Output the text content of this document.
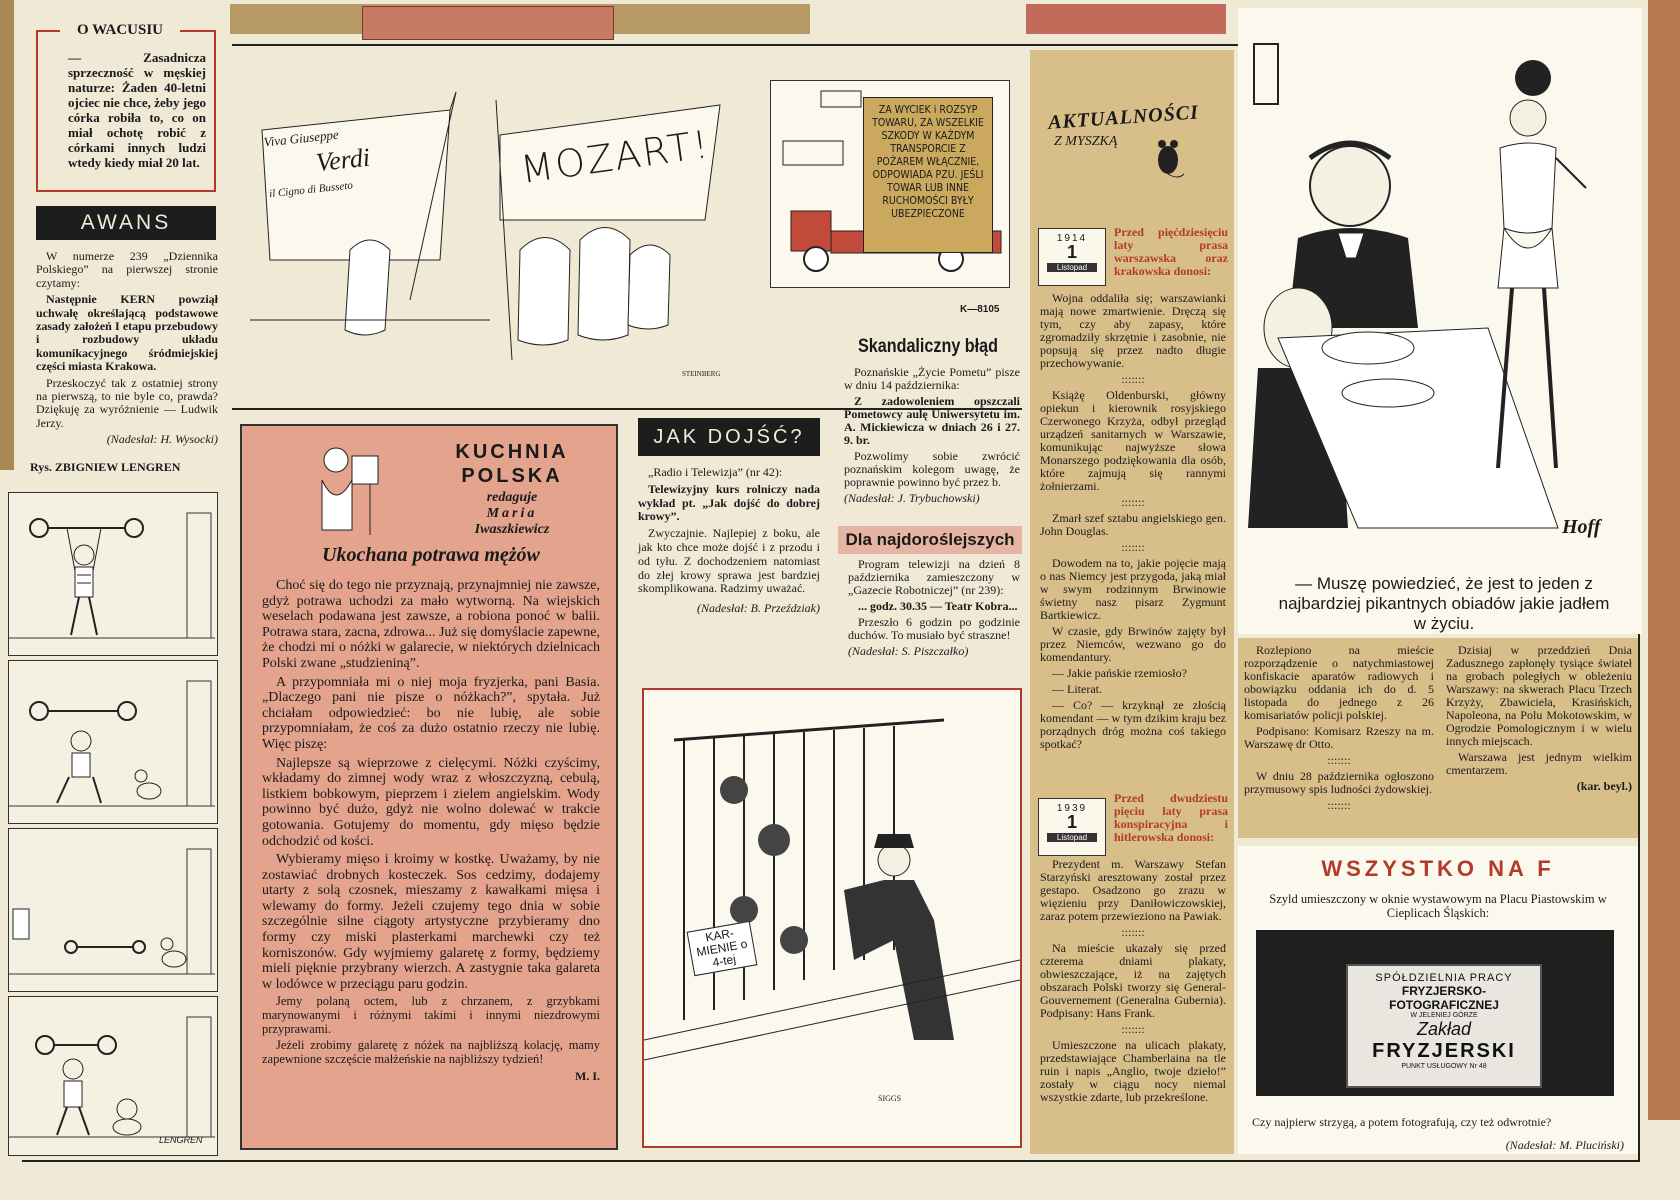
O WACUSIU
— Zasadnicza sprzeczność w męskiej naturze: Żaden 40-letni ojciec nie chce, żeby jego córka robiła to, co on miał ochotę robić z córkami innych ludzi wtedy kiedy miał 20 lat.
AWANS

W numerze 239 „Dziennika Polskiego” na pierwszej stronie czytamy:

Następnie KERN powziął uchwałę określającą podstawowe zasady założeń I etapu przebudowy i rozbudowy układu komunikacyjnego śródmiejskiej części miasta Krakowa.

Przeskoczyć tak z ostatniej strony na pierwszą, to nie byle co, prawda? Dziękuję za wyróżnienie — Ludwik Jerzy.

(Nadesłał: H. Wysocki)

Rys. ZBIGNIEW LENGREN
LENGREN
Viva Giuseppe
Verdi
il Cigno di Busseto	MOZART!
STEINBERG
ZA WYCIEK i ROZSYP TOWARU, ZA WSZELKIE SZKODY W KAŻDYM TRANSPORCIE Z POŻAREM WŁĄCZNIE, ODPOWIADA PZU. JEŚLI TOWAR LUB INNE RUCHOMOŚCI BYŁY UBEZPIECZONE
K—8105
KUCHNIA
POLSKA
redaguje
Maria
Iwaszkiewicz
Ukochana potrawa mężów

Choć się do tego nie przyznają, przynajmniej nie zawsze, gdyż potrawa uchodzi za mało wytworną. Na wiejskich weselach podawana jest zawsze, a robiona ponoć w balii. Potrawa stara, zacna, zdrowa... Już się domyślacie zapewne, że chodzi mi o nóżki w galarecie, w niektórych dzielnicach Polski zwane „studzieniną”.

A przypomniała mi o niej moja fryzjerka, pani Basia. „Dlaczego pani nie pisze o nóżkach?”, spytała. Już chciałam odpowiedzieć: bo nie lubię, ale sobie przypomniałam, że coś za dużo ostatnio rzeczy nie lubię. Więc piszę:

Najlepsze są wieprzowe z cielęcymi. Nóżki czyścimy, wkładamy do zimnej wody wraz z włoszczyzną, cebulą, listkiem bobkowym, pieprzem i zielem angielskim. Wody powinno być dużo, gdyż nie wolno dolewać w trakcie gotowania. Gotujemy do momentu, gdy mięso będzie odchodzić od kości.

Wybieramy mięso i kroimy w kostkę. Uważamy, by nie zostawiać drobnych kosteczek. Sos cedzimy, dodajemy utarty z solą czosnek, mieszamy z kawałkami mięsa i wlewamy do formy. Jeżeli czujemy tego dnia w sobie szczególnie silne ciągoty artystyczne przybieramy dno formy czy miski plasterkami marchewki czy też korniszonów. Gdy wyjmiemy galaretę z formy, będziemy mieli pięknie przybrany wierzch. A zastygnie taka galareta w lodówce w przeciągu paru godzin.

Jemy polaną octem, lub z chrzanem, z grzybkami marynowanymi i różnymi takimi i innymi niezdrowymi przyprawami.

Jeżeli zrobimy galaretę z nóżek na najbliższą kolację, mamy zapewnione szczęście małżeńskie na najbliższy tydzień!

M. I.

JAK DOJŚĆ?

„Radio i Telewizja” (nr 42):

Telewizyjny kurs rolniczy nada wykład pt. „Jak dojść do dobrej krowy”.

Zwyczajnie. Najlepiej z boku, ale jak kto chce może dojść i z przodu i od tyłu. Z dochodzeniem natomiast do złej krowy sprawa jest bardziej skomplikowana. Radzimy uważać.

(Nadesłał: B. Przeździak)

Skandaliczny błąd

Poznańskie „Życie Pometu” pisze w dniu 14 października:

Z zadowoleniem opszczali Pometowcy aulę Uniwersytetu im. A. Mickiewicza w dniach 26 i 27. 9. br.

Pozwolimy sobie zwrócić poznańskim kolegom uwagę, że poprawnie powinno być przez b.

(Nadesłał: J. Trybuchowski)

Dla najdoroślejszych

Program telewizji na dzień 8 października zamieszczony w „Gazecie Robotniczej” (nr 239):

... godz. 30.35 — Teatr Kobra...

Przeszło 6 godzin po godzinie duchów. To musiało być straszne!

(Nadesłał: S. Piszczałko)

KAR-MIENIE o 4-tej
SIGGS
AKTUALNOŚCI
Z MYSZKĄ
1914
1
Listopad
Przed pięćdziesięciu laty prasa warszawska oraz krakowska donosi:

Wojna oddaliła się; warszawianki mają nowe zmartwienie. Dręczą się tym, czy aby zapasy, które zgromadziły skrzętnie i zasobnie, nie popsują się przez nadto długie przechowywanie.

:::::::

Książę Oldenburski, główny opiekun i kierownik rosyjskiego Czerwonego Krzyża, odbył przegląd urządzeń sanitarnych w Warszawie, komunikując najwyższe słowa Monarszego podziękowania dla osób, które zajmują się rannymi żołnierzami.

:::::::

Zmarł szef sztabu angielskiego gen. John Douglas.

:::::::

Dowodem na to, jakie pojęcie mają o nas Niemcy jest przygoda, jaką miał w swym rodzinnym Brwinowie świetny nasz pisarz Zygmunt Bartkiewicz.

W czasie, gdy Brwinów zajęty był przez Niemców, wezwano go do komendantury.

— Jakie pańskie rzemiosło?

— Literat.

— Co? — krzyknął ze złością komendant — w tym dzikim kraju bez porządnych dróg można coś takiego spotkać?

1939
1
Listopad
Przed dwudziestu pięciu laty prasa konspiracyjna i hitlerowska donosi:

Prezydent m. Warszawy Stefan Starzyński aresztowany został przez gestapo. Osadzono go zrazu w więzieniu przy Daniłowiczowskiej, zaraz potem przewieziono na Pawiak.

:::::::

Na mieście ukazały się przed czterema dniami plakaty, obwieszczające, iż na zajętych obszarach Polski tworzy się General-Gouvernement (Generalna Gubernia). Podpisany: Hans Frank.

:::::::

Umieszczone na ulicach plakaty, przedstawiające Chamberlaina na tle ruin i napis „Anglio, twoje dzieło!” zostały w ciągu nocy niemal wszystkie zdarte, lub przekreślone.

Hoff
— Muszę powiedzieć, że jest to jeden z najbardziej pikantnych obiadów jakie jadłem w życiu.

Rozlepiono na mieście rozporządzenie o natychmiastowej konfiskacie aparatów radiowych i obowiązku oddania ich do d. 5 listopada do jednego z 26 komisariatów policji polskiej.

Podpisano: Komisarz Rzeszy na m. Warszawę dr Otto.

:::::::

W dniu 28 października ogłoszono przymusowy spis ludności żydowskiej.

:::::::

Dzisiaj w przeddzień Dnia Zadusznego zapłonęły tysiące świateł na grobach poległych w obleżeniu Warszawy: na skwerach Placu Trzech Krzyży, Zbawiciela, Krasińskich, Napoleona, na Polu Mokotowskim, w Ogrodzie Pomologicznym i w wielu innych miejscach.

Warszawa jest jednym wielkim cmentarzem.

(kar. beyl.)

WSZYSTKO NA F
Szyld umieszczony w oknie wystawowym na Placu Piastowskim w Cieplicach Śląskich:
SPÓŁDZIELNIA PRACY
FRYZJERSKO-FOTOGRAFICZNEJ
W JELENIEJ GÓRZE
Zakład
FRYZJERSKI
PUNKT USŁUGOWY Nr 48
Czy najpierw strzygą, a potem fotografują, czy też odwrotnie?
(Nadesłał: M. Pluciński)
